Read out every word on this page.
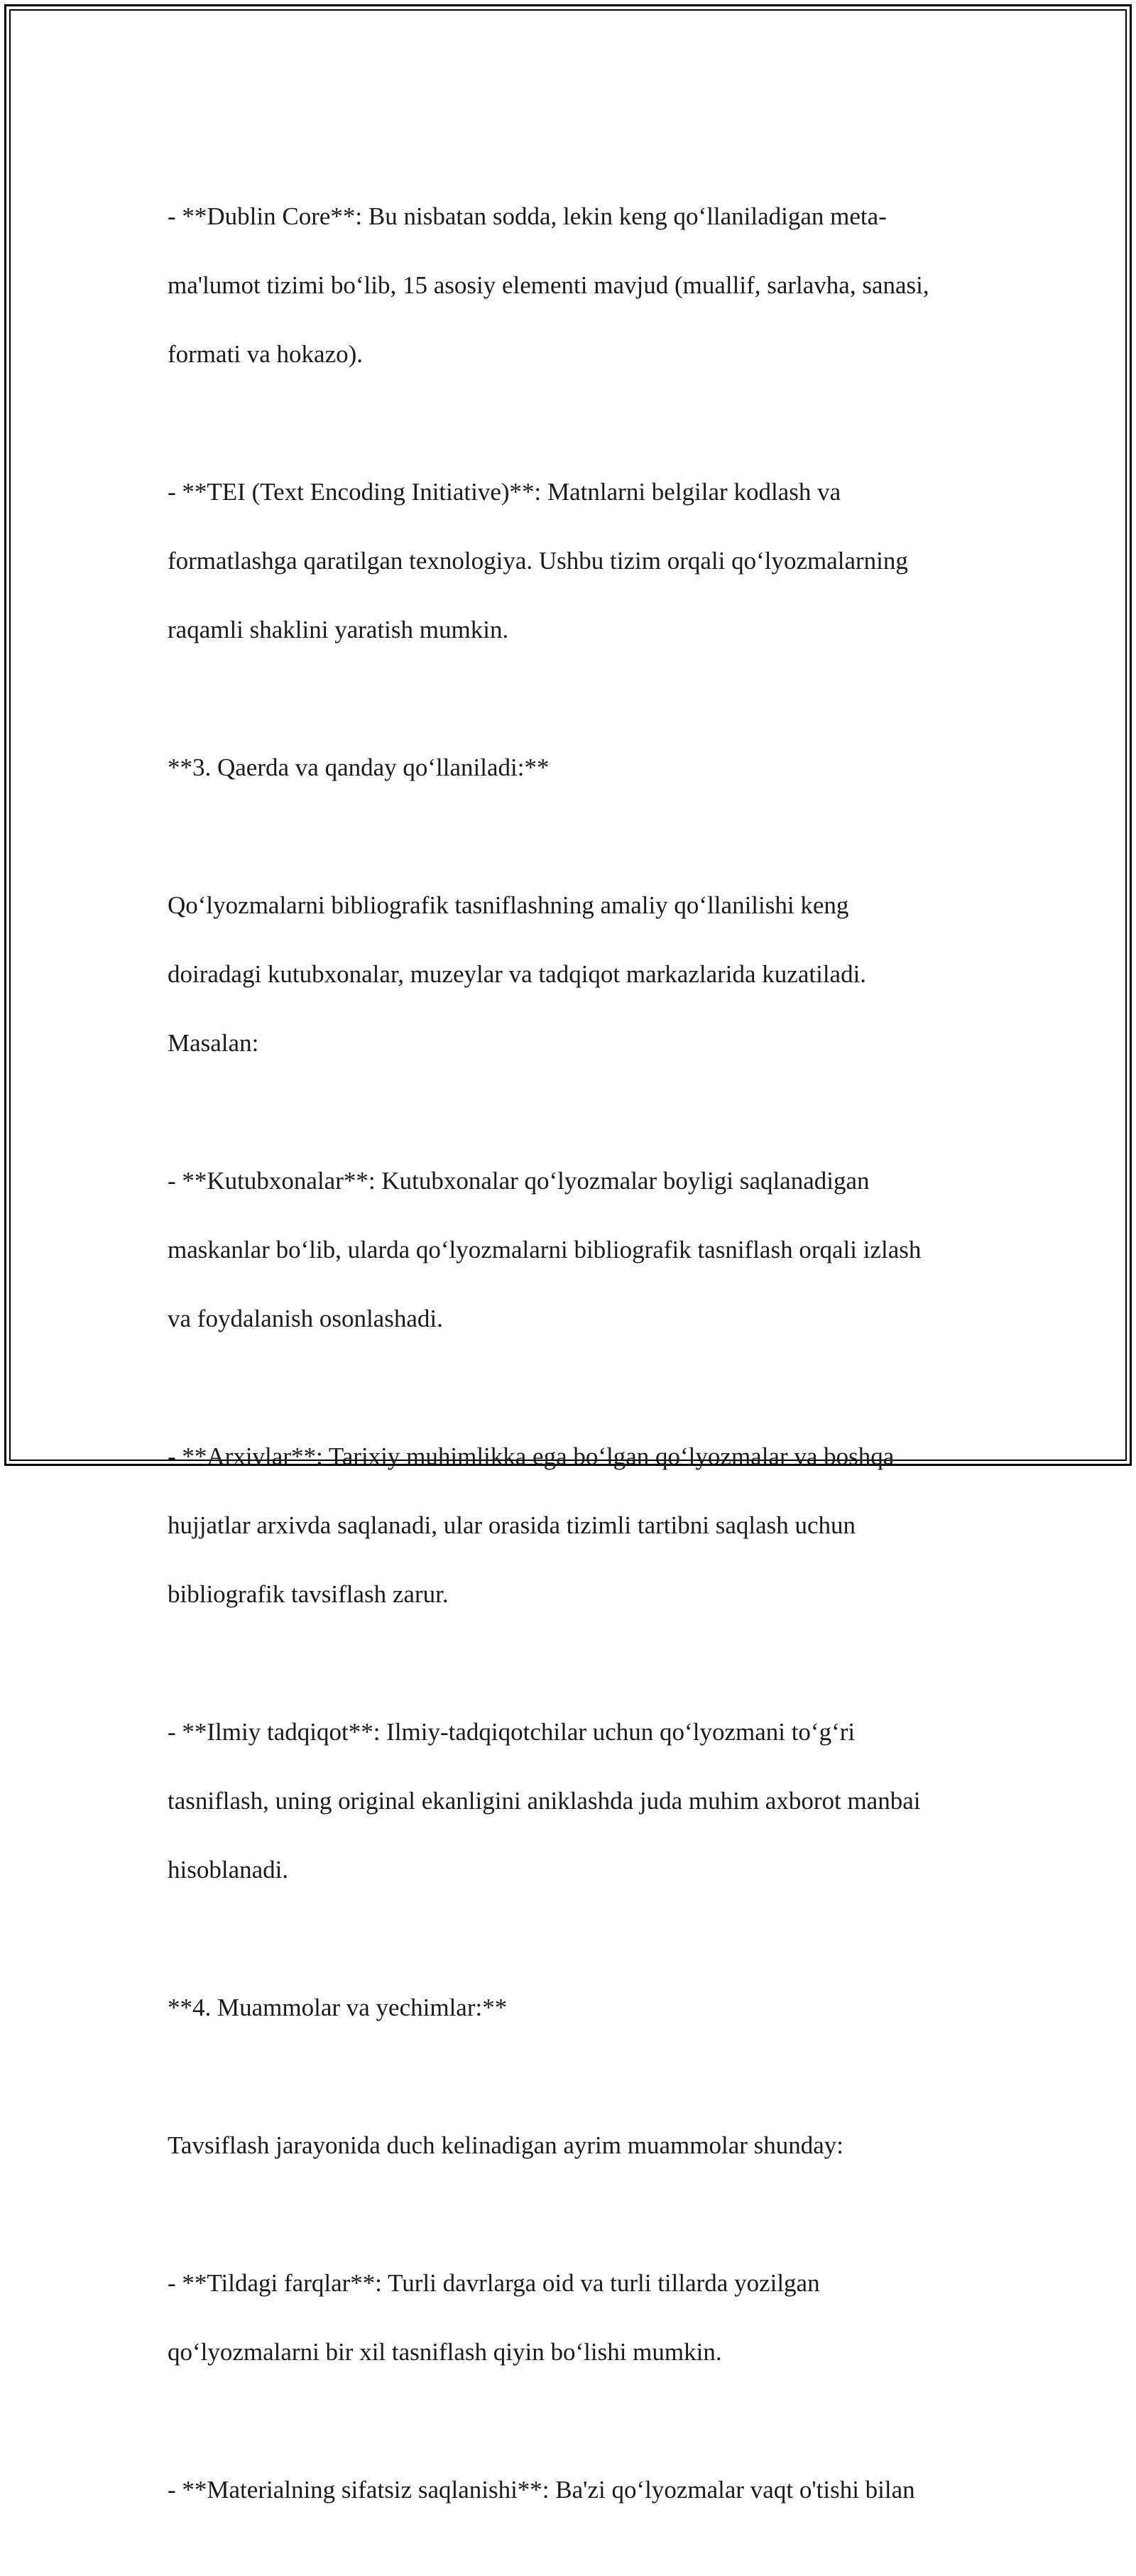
- **Dublin Core**: Bu nisbatan sodda, lekin keng qo‘llaniladigan meta-

ma'lumot tizimi bo‘lib, 15 asosiy elementi mavjud (muallif, sarlavha, sanasi,

formati va hokazo).

- **TEI (Text Encoding Initiative)**: Matnlarni belgilar kodlash va

formatlashga qaratilgan texnologiya. Ushbu tizim orqali qo‘lyozmalarning

raqamli shaklini yaratish mumkin.

**3. Qaerda va qanday qo‘llaniladi:**

Qo‘lyozmalarni bibliografik tasniflashning amaliy qo‘llanilishi keng

doiradagi kutubxonalar, muzeylar va tadqiqot markazlarida kuzatiladi.

Masalan:

- **Kutubxonalar**: Kutubxonalar qo‘lyozmalar boyligi saqlanadigan

maskanlar bo‘lib, ularda qo‘lyozmalarni bibliografik tasniflash orqali izlash

va foydalanish osonlashadi.

- **Arxivlar**: Tarixiy muhimlikka ega bo‘lgan qo‘lyozmalar va boshqa

hujjatlar arxivda saqlanadi, ular orasida tizimli tartibni saqlash uchun

bibliografik tavsiflash zarur.

- **Ilmiy tadqiqot**: Ilmiy-tadqiqotchilar uchun qo‘lyozmani to‘g‘ri

tasniflash, uning original ekanligini aniklashda juda muhim axborot manbai

hisoblanadi.

**4. Muammolar va yechimlar:**

Tavsiflash jarayonida duch kelinadigan ayrim muammolar shunday:

- **Tildagi farqlar**: Turli davrlarga oid va turli tillarda yozilgan

qo‘lyozmalarni bir xil tasniflash qiyin bo‘lishi mumkin.

- **Materialning sifatsiz saqlanishi**: Ba'zi qo‘lyozmalar vaqt o'tishi bilan
